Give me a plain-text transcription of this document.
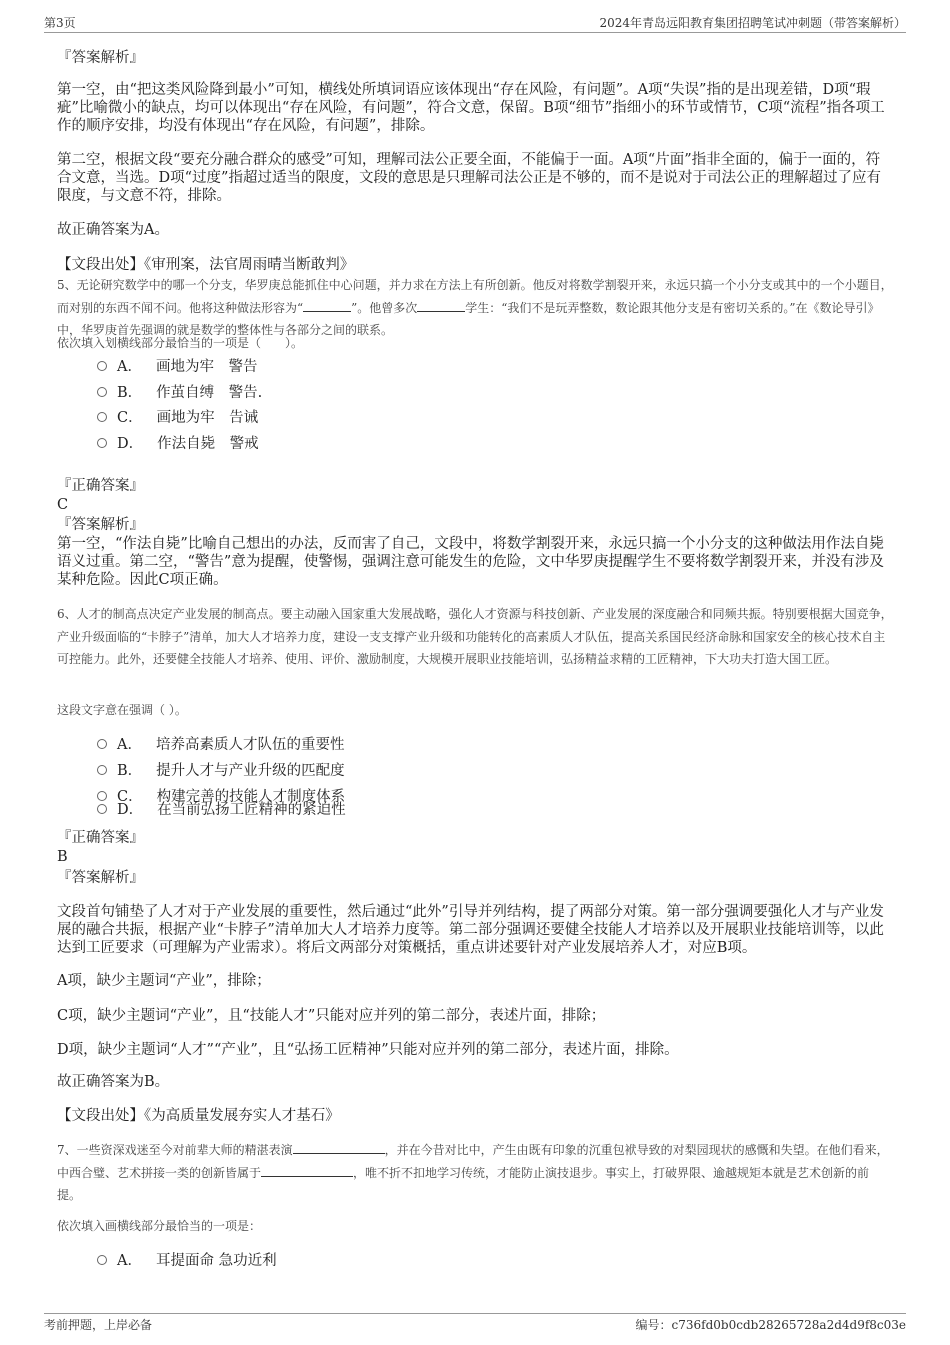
第3页	2024年青岛远阳教育集团招聘笔试冲刺题（带答案解析）
『答案解析』
第一空，由“把这类风险降到最小”可知，横线处所填词语应该体现出“存在风险，有问题”。A项“失误”指的是出现差错，D项“瑕疵”比喻微小的缺点，均可以体现出“存在风险，有问题”，符合文意，保留。B项“细节”指细小的环节或情节，C项“流程”指各项工作的顺序安排，均没有体现出“存在风险，有问题”，排除。
第二空，根据文段“要充分融合群众的感受”可知，理解司法公正要全面，不能偏于一面。A项“片面”指非全面的，偏于一面的，符合文意，当选。D项“过度”指超过适当的限度，文段的意思是只理解司法公正是不够的，而不是说对于司法公正的理解超过了应有限度，与文意不符，排除。
故正确答案为A。
【文段出处】《审刑案，法官周雨晴当断敢判》
5、无论研究数学中的哪一个分支，华罗庚总能抓住中心问题，并力求在方法上有所创新。他反对将数学割裂开来，永远只搞一个小分支或其中的一个小题目，而对别的东西不闻不问。他将这种做法形容为“	”。他曾多次	学生：“我们不是玩弄整数，数论跟其他分支是有密切关系的。”在《数论导引》中，华罗庚首先强调的就是数学的整体性与各部分之间的联系。
依次填入划横线部分最恰当的一项是（　　）。
A． 画地为牢　警告
B． 作茧自缚　警告.
C． 画地为牢　告诫
D． 作法自毙　警戒
『正确答案』
C
『答案解析』
第一空，“作法自毙”比喻自己想出的办法，反而害了自己，文段中，将数学割裂开来，永远只搞一个小分支的这种做法用作法自毙语义过重。第二空，“警告”意为提醒，使警惕，强调注意可能发生的危险，文中华罗庚提醒学生不要将数学割裂开来，并没有涉及某种危险。因此C项正确。
6、人才的制高点决定产业发展的制高点。要主动融入国家重大发展战略，强化人才资源与科技创新、产业发展的深度融合和同频共振。特别要根据大国竞争，产业升级面临的“卡脖子”清单，加大人才培养力度，建设一支支撑产业升级和功能转化的高素质人才队伍，提高关系国民经济命脉和国家安全的核心技术自主可控能力。此外，还要健全技能人才培养、使用、评价、激励制度，大规模开展职业技能培训，弘扬精益求精的工匠精神，下大功夫打造大国工匠。
这段文字意在强调（ ）。
A． 培养高素质人才队伍的重要性
B． 提升人才与产业升级的匹配度
C． 构建完善的技能人才制度体系
D． 在当前弘扬工匠精神的紧迫性
『正确答案』
B
『答案解析』
文段首句铺垫了人才对于产业发展的重要性，然后通过“此外”引导并列结构，提了两部分对策。第一部分强调要强化人才与产业发展的融合共振，根据产业“卡脖子”清单加大人才培养力度等。第二部分强调还要健全技能人才培养以及开展职业技能培训等，以此达到工匠要求（可理解为产业需求）。将后文两部分对策概括，重点讲述要针对产业发展培养人才，对应B项。
A项，缺少主题词“产业”，排除；
C项，缺少主题词“产业”，且“技能人才”只能对应并列的第二部分，表述片面，排除；
D项，缺少主题词“人才”“产业”，且“弘扬工匠精神”只能对应并列的第二部分，表述片面，排除。
故正确答案为B。
【文段出处】《为高质量发展夯实人才基石》
7、一些资深戏迷至今对前辈大师的精湛表演	，并在今昔对比中，产生由既有印象的沉重包袱导致的对梨园现状的感慨和失望。在他们看来，中西合璧、艺术拼接一类的创新皆属于	，唯不折不扣地学习传统，才能防止演技退步。事实上，打破界限、逾越规矩本就是艺术创新的前提。
依次填入画横线部分最恰当的一项是：
A． 耳提面命 急功近利
考前押题，上岸必备	编号：c736fd0b0cdb28265728a2d4d9f8c03e
